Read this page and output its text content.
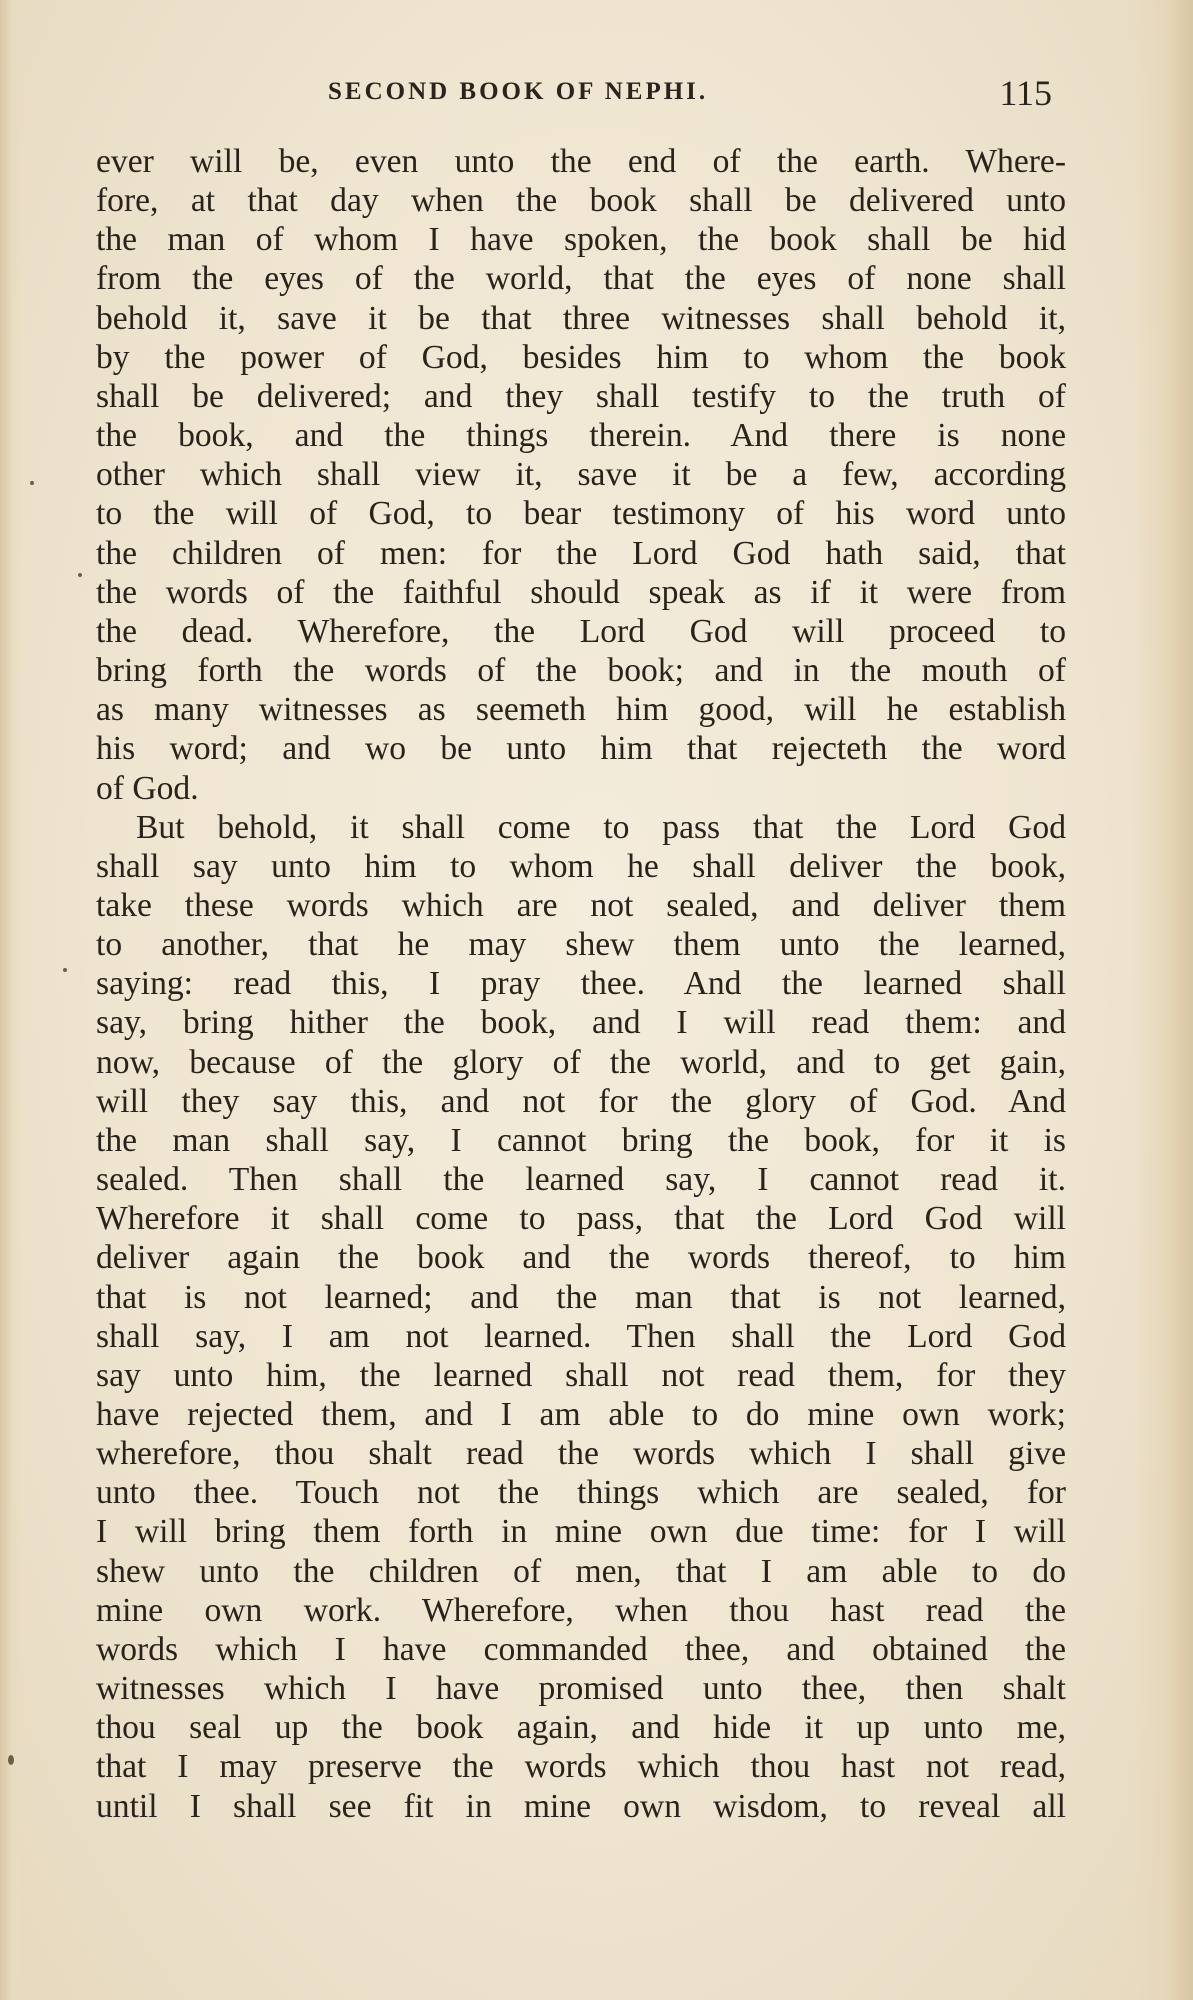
SECOND BOOK OF NEPHI.	115
ever will be, even unto the end of the earth. Where-
fore, at that day when the book shall be delivered unto
the man of whom I have spoken, the book shall be hid
from the eyes of the world, that the eyes of none shall
behold it, save it be that three witnesses shall behold it,
by the power of God, besides him to whom the book
shall be delivered; and they shall testify to the truth of
the book, and the things therein. And there is none
other which shall view it, save it be a few, according
to the will of God, to bear testimony of his word unto
the children of men: for the Lord God hath said, that
the words of the faithful should speak as if it were from
the dead. Wherefore, the Lord God will proceed to
bring forth the words of the book; and in the mouth of
as many witnesses as seemeth him good, will he establish
his word; and wo be unto him that rejecteth the word
of God.
But behold, it shall come to pass that the Lord God
shall say unto him to whom he shall deliver the book,
take these words which are not sealed, and deliver them
to another, that he may shew them unto the learned,
saying: read this, I pray thee. And the learned shall
say, bring hither the book, and I will read them: and
now, because of the glory of the world, and to get gain,
will they say this, and not for the glory of God. And
the man shall say, I cannot bring the book, for it is
sealed. Then shall the learned say, I cannot read it.
Wherefore it shall come to pass, that the Lord God will
deliver again the book and the words thereof, to him
that is not learned; and the man that is not learned,
shall say, I am not learned. Then shall the Lord God
say unto him, the learned shall not read them, for they
have rejected them, and I am able to do mine own work;
wherefore, thou shalt read the words which I shall give
unto thee. Touch not the things which are sealed, for
I will bring them forth in mine own due time: for I will
shew unto the children of men, that I am able to do
mine own work. Wherefore, when thou hast read the
words which I have commanded thee, and obtained the
witnesses which I have promised unto thee, then shalt
thou seal up the book again, and hide it up unto me,
that I may preserve the words which thou hast not read,
until I shall see fit in mine own wisdom, to reveal all
